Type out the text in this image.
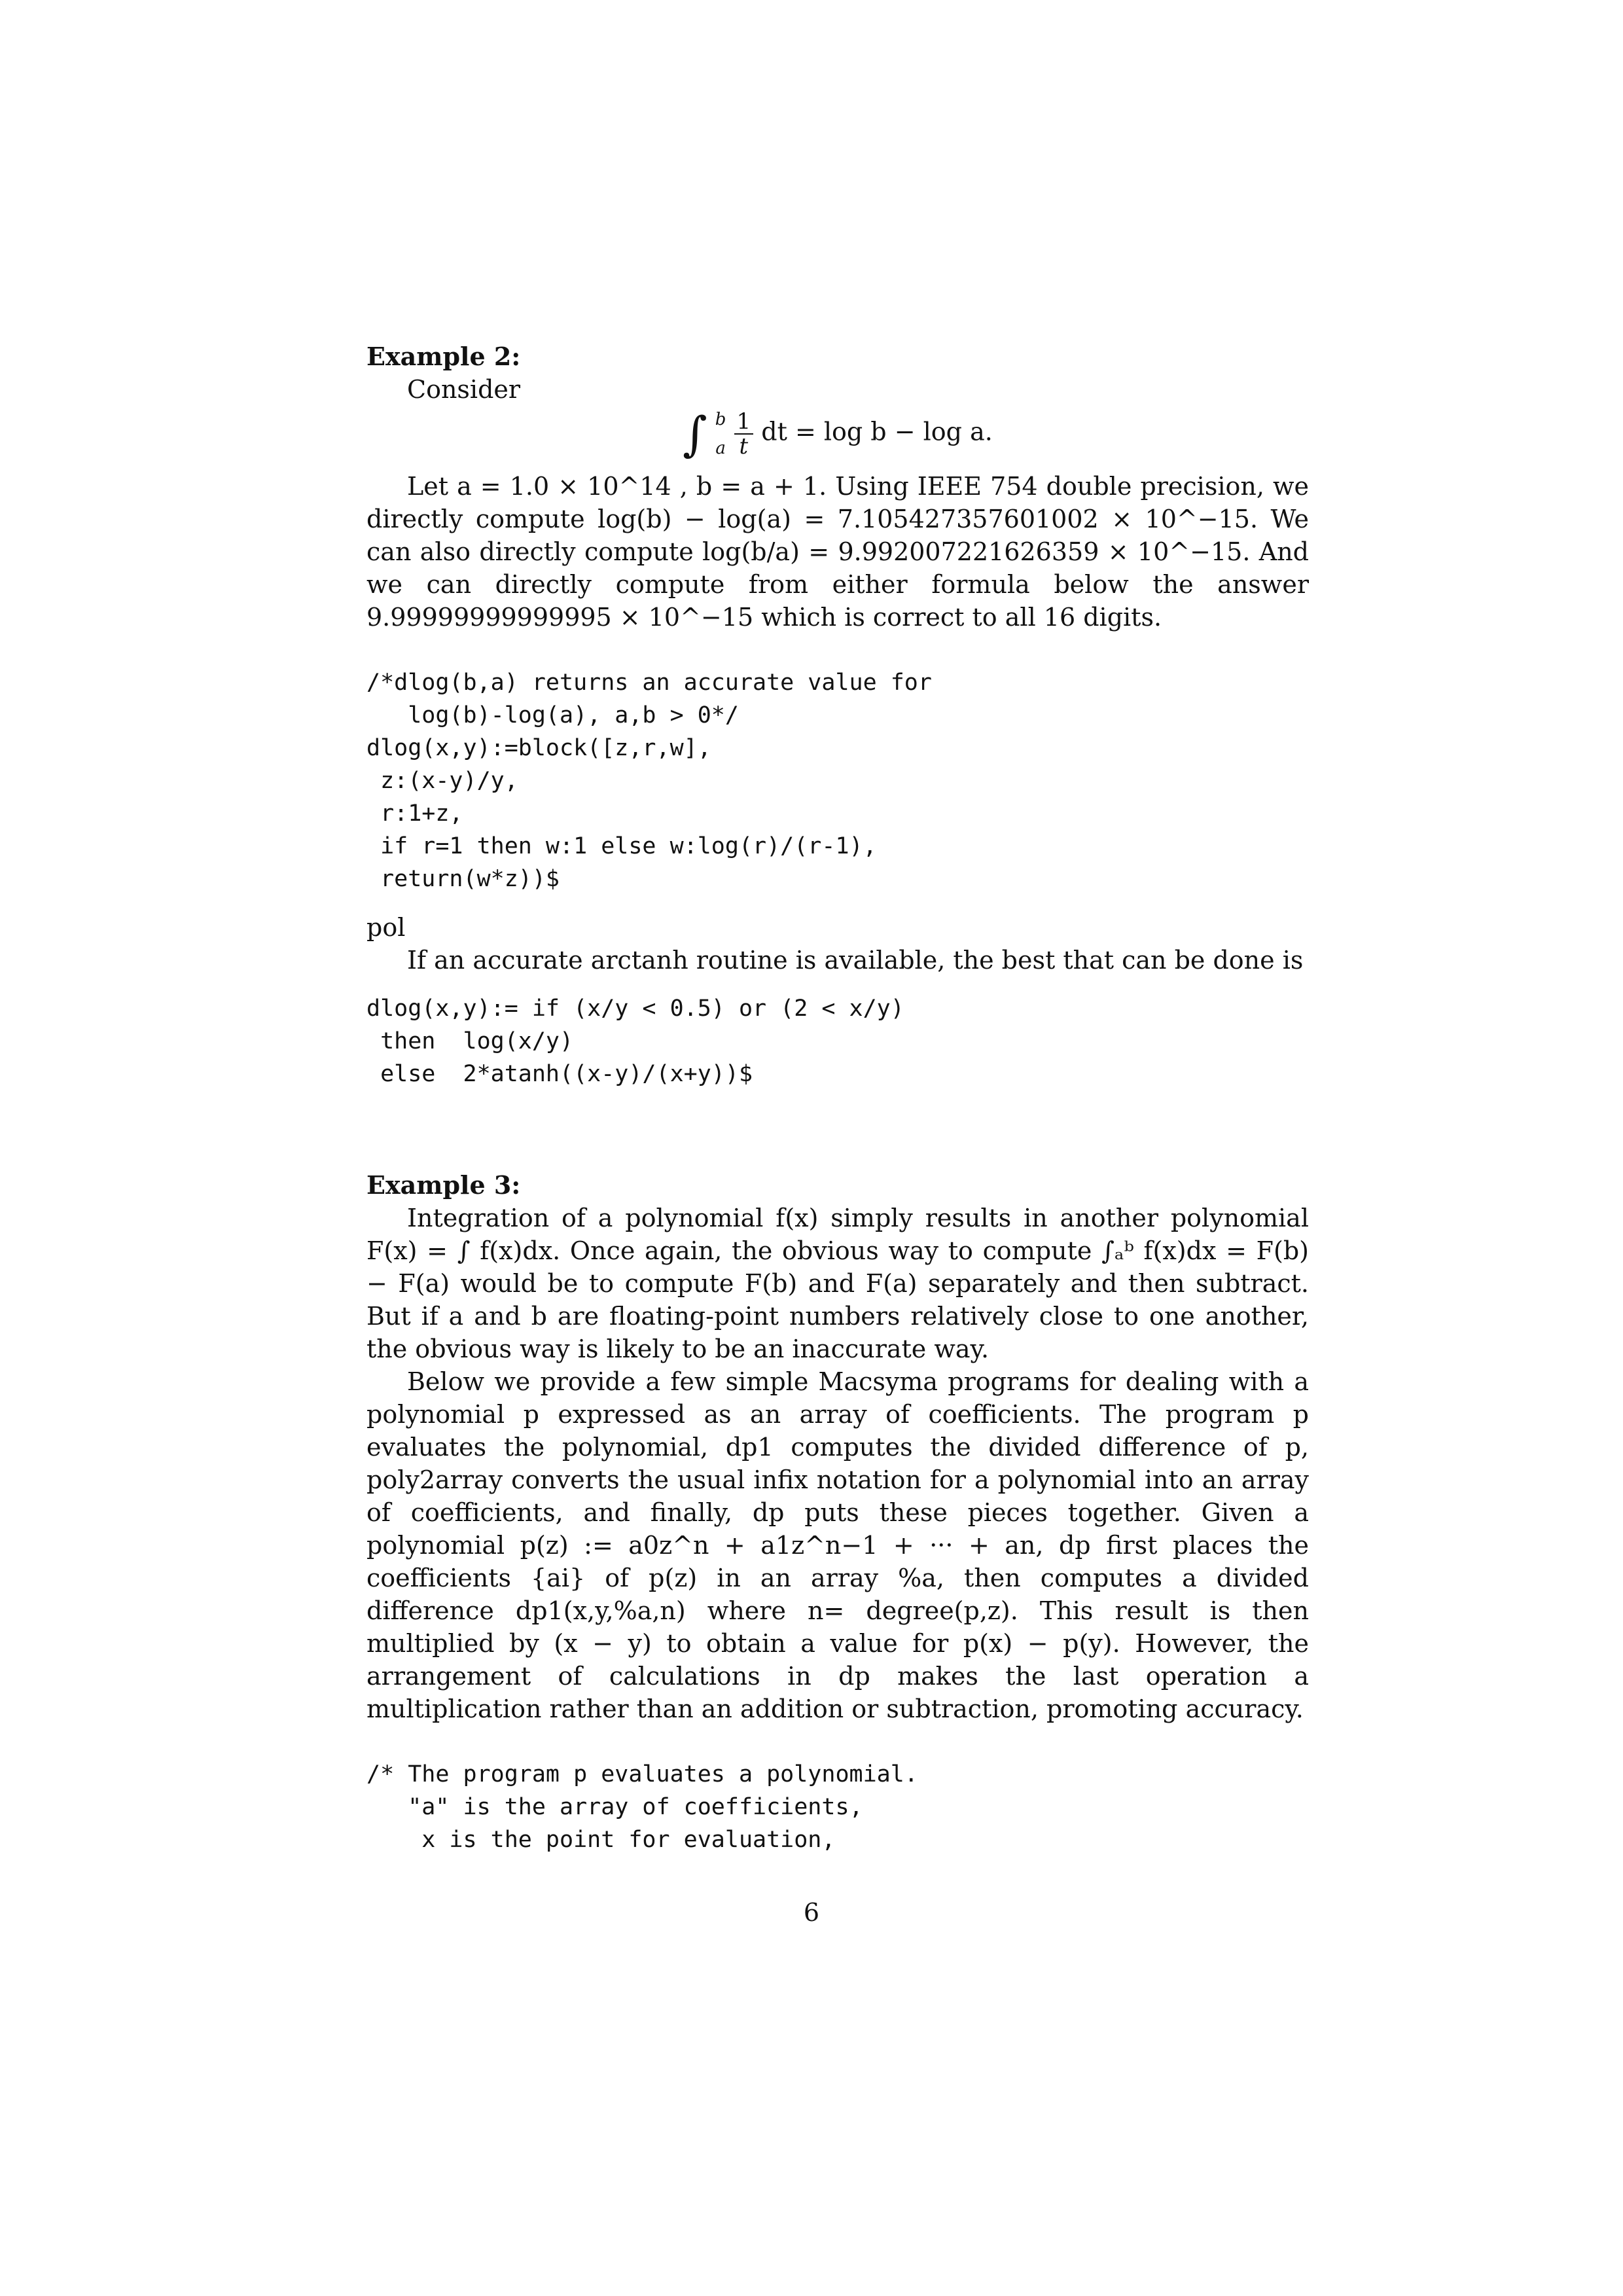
Example 2:

Consider

∫ b
a
$\frac{1}{t}$ dt = log b − log a.

Let a = 1.0 × 10^14 , b = a + 1. Using IEEE 754 double precision, we directly compute log(b) − log(a) = 7.105427357601002 × 10^−15. We can also directly compute log(b/a) = 9.992007221626359 × 10^−15. And we can directly compute from either formula below the answer 9.99999999999995 × 10^−15 which is correct to all 16 digits.

/*dlog(b,a) returns an accurate value for
log(b)-log(a), a,b > 0*/
dlog(x,y):=block([z,r,w],
z:(x-y)/y,
r:1+z,
if r=1 then w:1 else w:log(r)/(r-1),
return(w*z))$

pol

If an accurate arctanh routine is available, the best that can be done is

dlog(x,y):= if (x/y < 0.5) or (2 < x/y)
then  log(x/y)
else  2*atanh((x-y)/(x+y))$
Example 3:

Integration of a polynomial f(x) simply results in another polynomial F(x) = ∫ f(x)dx. Once again, the obvious way to compute ∫ₐᵇ f(x)dx = F(b) − F(a) would be to compute F(b) and F(a) separately and then subtract. But if a and b are floating-point numbers relatively close to one another, the obvious way is likely to be an inaccurate way.

Below we provide a few simple Macsyma programs for dealing with a polynomial p expressed as an array of coefficients. The program p evaluates the polynomial, dp1 computes the divided difference of p, poly2array converts the usual infix notation for a polynomial into an array of coefficients, and finally, dp puts these pieces together. Given a polynomial p(z) := a0z^n + a1z^n−1 + ··· + an, dp first places the coefficients {ai} of p(z) in an array %a, then computes a divided difference dp1(x,y,%a,n) where n= degree(p,z). This result is then multiplied by (x − y) to obtain a value for p(x) − p(y). However, the arrangement of calculations in dp makes the last operation a multiplication rather than an addition or subtraction, promoting accuracy.

/* The program p evaluates a polynomial.
"a" is the array of coefficients,
x is the point for evaluation,
6
